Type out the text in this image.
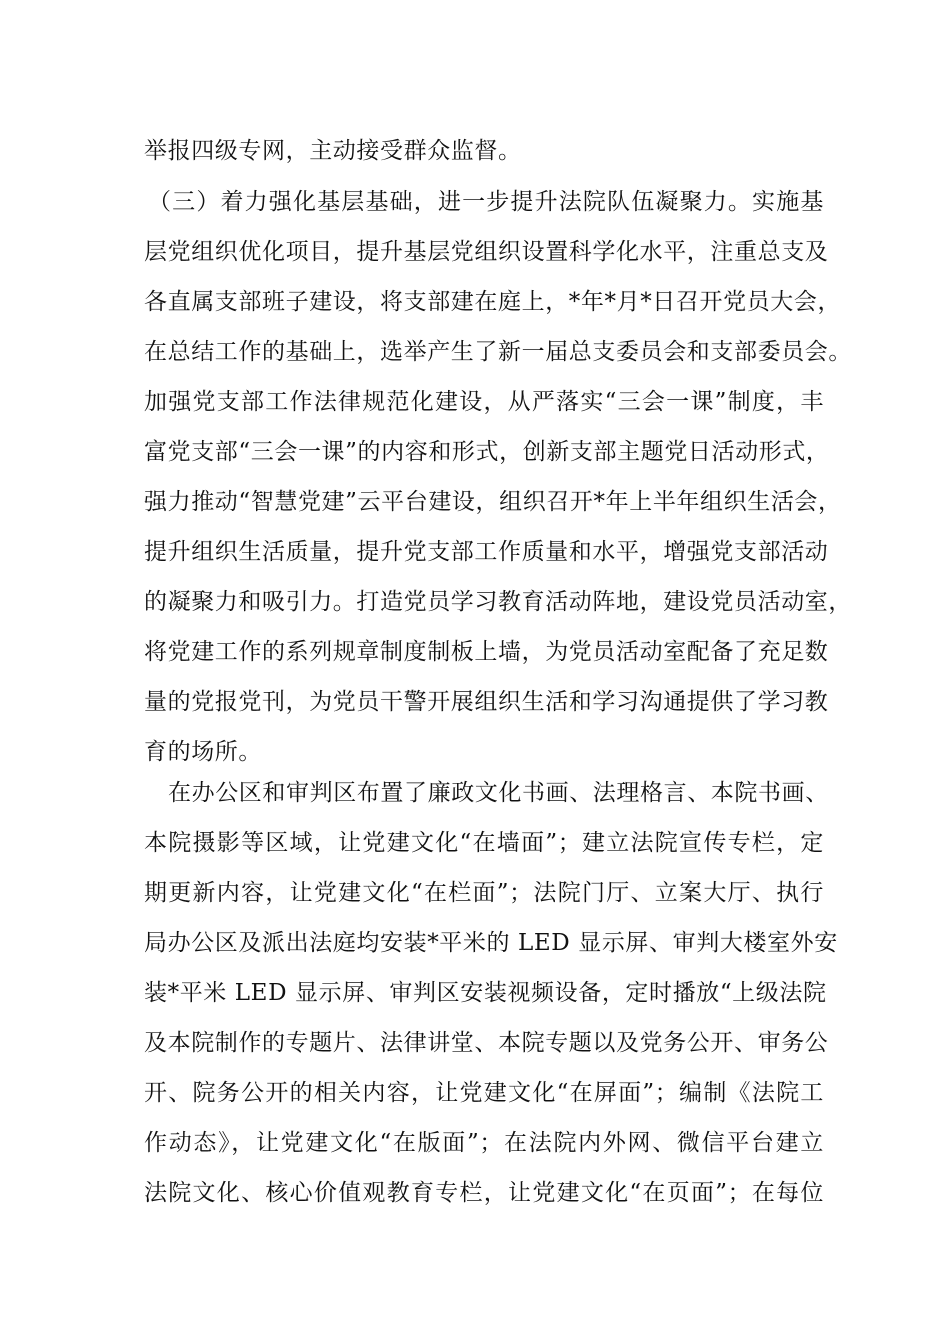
举报四级专网，主动接受群众监督。
（三）着力强化基层基础，进一步提升法院队伍凝聚力。实施基
层党组织优化项目，提升基层党组织设置科学化水平，注重总支及
各直属支部班子建设，将支部建在庭上，*年*月*日召开党员大会，
在总结工作的基础上，选举产生了新一届总支委员会和支部委员会。
加强党支部工作法律规范化建设，从严落实“三会一课”制度，丰
富党支部“三会一课”的内容和形式，创新支部主题党日活动形式，
强力推动“智慧党建”云平台建设，组织召开*年上半年组织生活会，
提升组织生活质量，提升党支部工作质量和水平，增强党支部活动
的凝聚力和吸引力。打造党员学习教育活动阵地，建设党员活动室，
将党建工作的系列规章制度制板上墙，为党员活动室配备了充足数
量的党报党刊，为党员干警开展组织生活和学习沟通提供了学习教
育的场所。
在办公区和审判区布置了廉政文化书画、法理格言、本院书画、
本院摄影等区域，让党建文化“在墙面”；建立法院宣传专栏，定
期更新内容，让党建文化“在栏面”；法院门厅、立案大厅、执行
局办公区及派出法庭均安装*平米的 LED 显示屏、审判大楼室外安
装*平米 LED 显示屏、审判区安装视频设备，定时播放“上级法院
及本院制作的专题片、法律讲堂、本院专题以及党务公开、审务公
开、院务公开的相关内容，让党建文化“在屏面”；编制《法院工
作动态》，让党建文化“在版面”；在法院内外网、微信平台建立
法院文化、核心价值观教育专栏，让党建文化“在页面”；在每位
